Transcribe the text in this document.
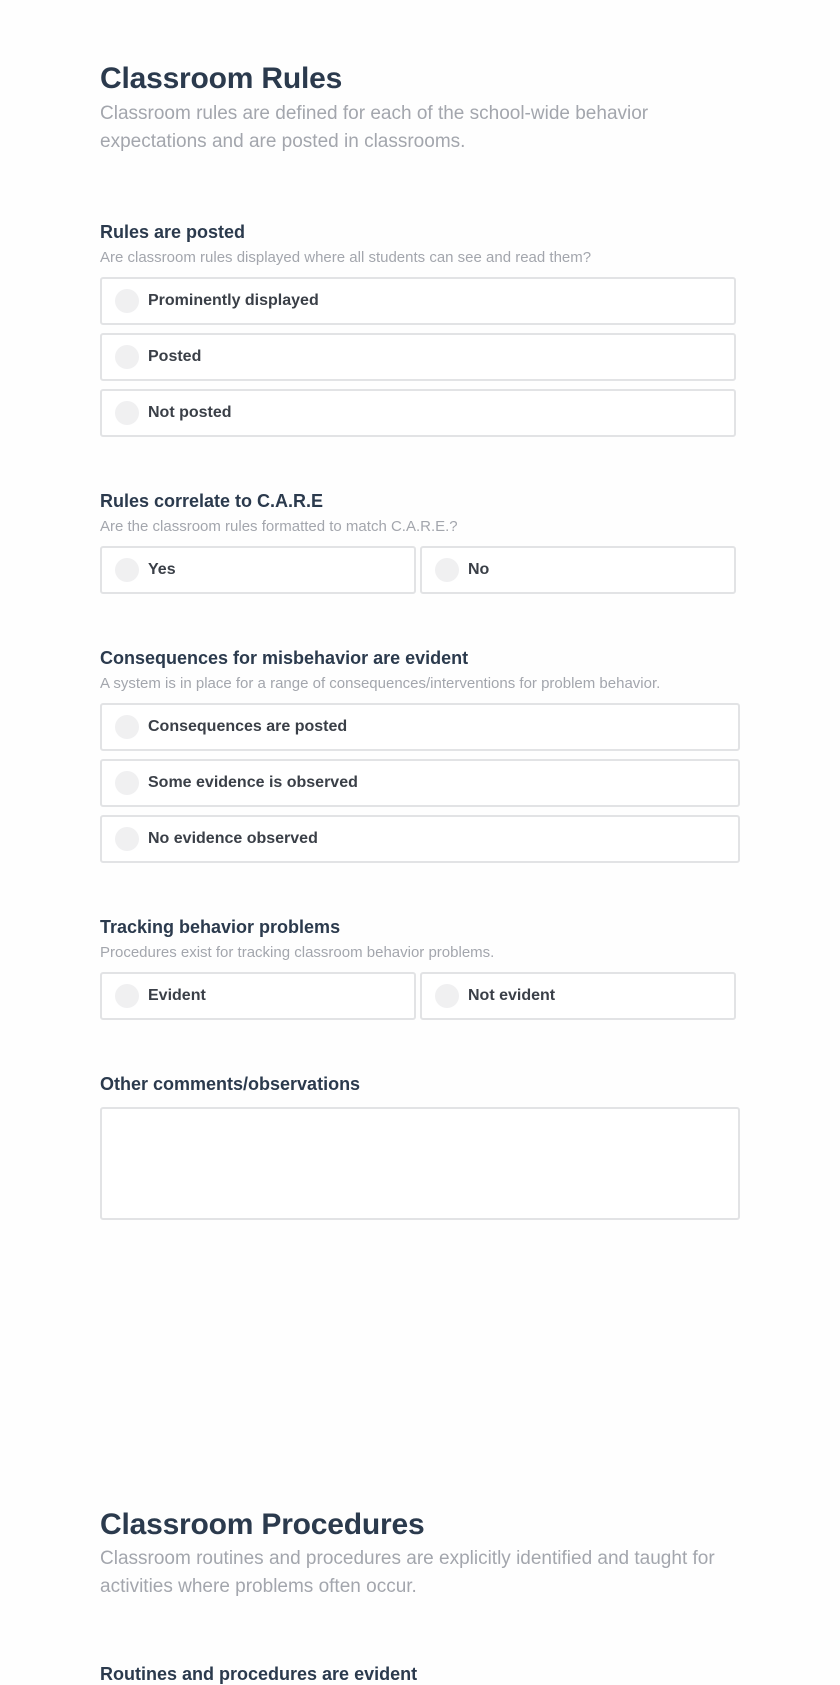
Classroom Rules

Classroom rules are defined for each of the school-wide behavior expectations and are posted in classrooms.

Rules are posted

Are classroom rules displayed where all students can see and read them?

Prominently displayed
Posted
Not posted
Rules correlate to C.A.R.E

Are the classroom rules formatted to match C.A.R.E.?

Yes	No
Consequences for misbehavior are evident

A system is in place for a range of consequences/interventions for problem behavior.

Consequences are posted
Some evidence is observed
No evidence observed
Tracking behavior problems

Procedures exist for tracking classroom behavior problems.

Evident	Not evident
Other comments/observations
Classroom Procedures

Classroom routines and procedures are explicitly identified and taught for activities where problems often occur.

Routines and procedures are evident
